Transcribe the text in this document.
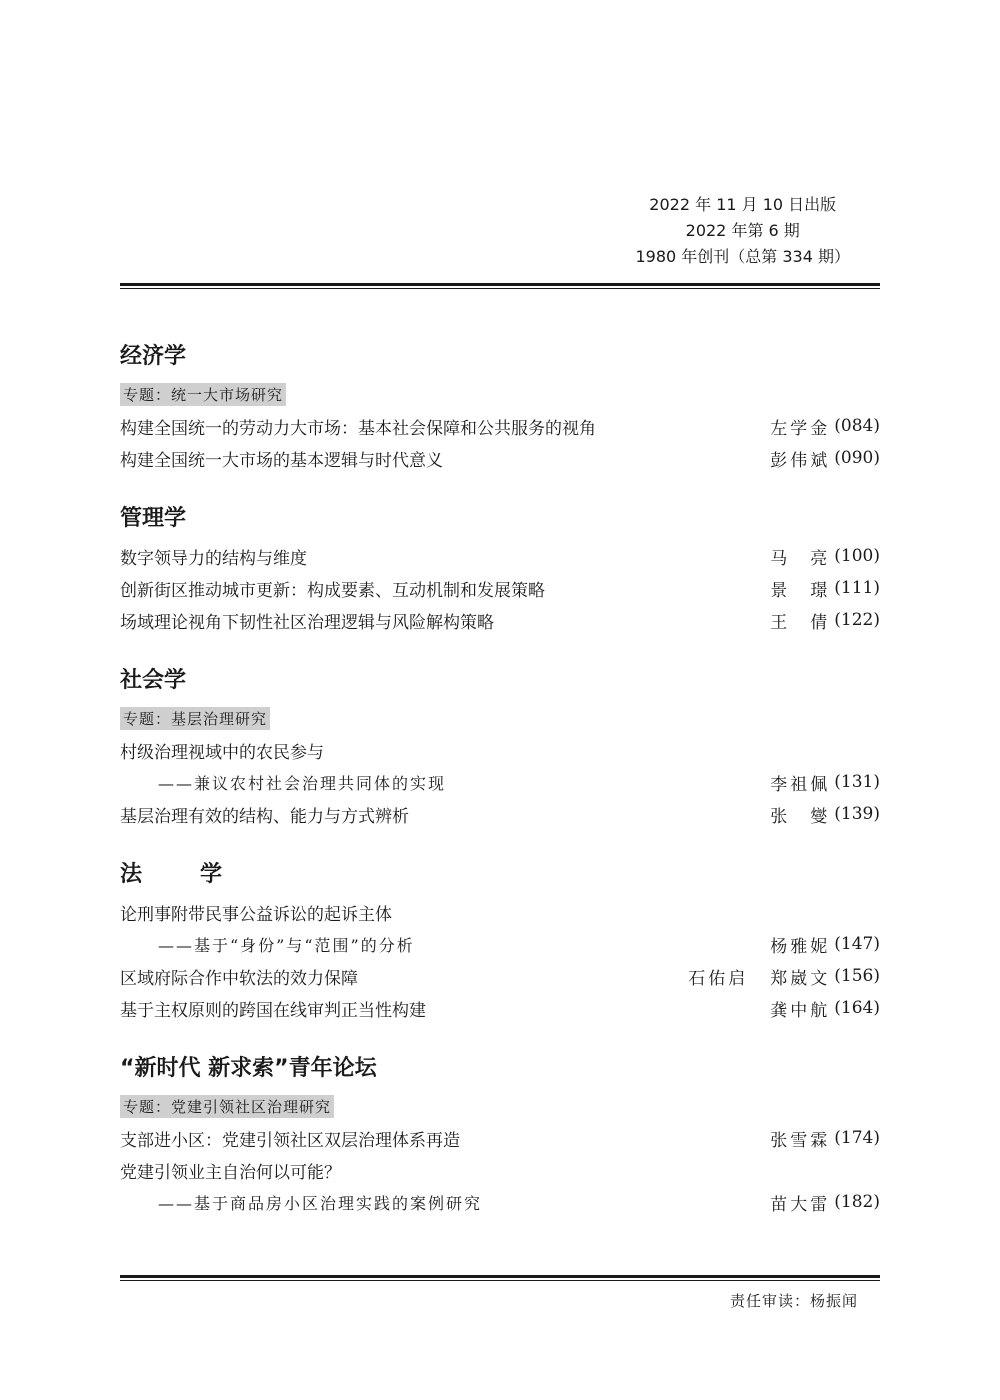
2022 年 11 月 10 日出版
2022 年第 6 期
1980 年创刊（总第 334 期）
经济学
专题：统一大市场研究
构建全国统一的劳动力大市场：基本社会保障和公共服务的视角	左学金 (084)
构建全国统一大市场的基本逻辑与时代意义	彭伟斌 (090)
管理学
数字领导力的结构与维度	马　亮 (100)
创新街区推动城市更新：构成要素、互动机制和发展策略	景　璟 (111)
场域理论视角下韧性社区治理逻辑与风险解构策略	王　倩 (122)
社会学
专题：基层治理研究
村级治理视域中的农民参与
——兼议农村社会治理共同体的实现	李祖佩 (131)
基层治理有效的结构、能力与方式辨析	张　燮 (139)
法　学
论刑事附带民事公益诉讼的起诉主体
——基于“身份”与“范围”的分析	杨雅妮 (147)
区域府际合作中软法的效力保障	石佑启 郑崴文 (156)
基于主权原则的跨国在线审判正当性构建	龚中航 (164)
“新时代 新求索”青年论坛
专题：党建引领社区治理研究
支部进小区：党建引领社区双层治理体系再造	张雪霖 (174)
党建引领业主自治何以可能？
——基于商品房小区治理实践的案例研究	苗大雷 (182)
责任审读：杨振闻
